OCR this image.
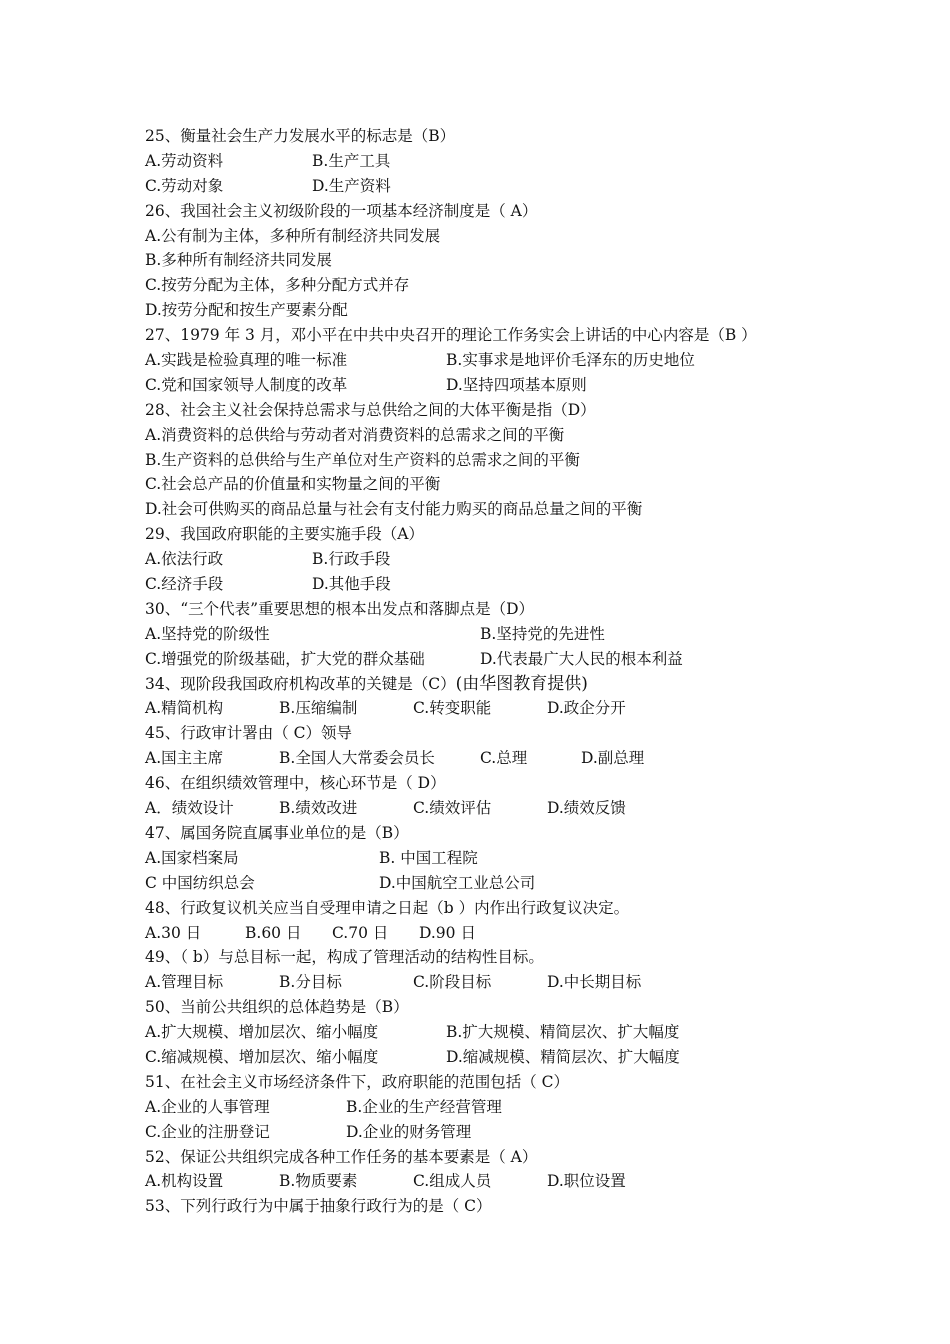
25、衡量社会生产力发展水平的标志是（B）
A.劳动资料	B.生产工具
C.劳动对象	D.生产资料
26、我国社会主义初级阶段的一项基本经济制度是（ A）
A.公有制为主体，多种所有制经济共同发展
B.多种所有制经济共同发展
C.按劳分配为主体，多种分配方式并存
D.按劳分配和按生产要素分配
27、1979 年 3 月，邓小平在中共中央召开的理论工作务实会上讲话的中心内容是（B ）
A.实践是检验真理的唯一标准	B.实事求是地评价毛泽东的历史地位
C.党和国家领导人制度的改革	D.坚持四项基本原则
28、社会主义社会保持总需求与总供给之间的大体平衡是指（D）
A.消费资料的总供给与劳动者对消费资料的总需求之间的平衡
B.生产资料的总供给与生产单位对生产资料的总需求之间的平衡
C.社会总产品的价值量和实物量之间的平衡
D.社会可供购买的商品总量与社会有支付能力购买的商品总量之间的平衡
29、我国政府职能的主要实施手段（A）
A.依法行政	B.行政手段
C.经济手段	D.其他手段
30、“三个代表”重要思想的根本出发点和落脚点是（D）
A.坚持党的阶级性	B.坚持党的先进性
C.增强党的阶级基础，扩大党的群众基础	D.代表最广大人民的根本利益
34、现阶段我国政府机构改革的关键是（C）(由华图教育提供)
A.精简机构	B.压缩编制	C.转变职能	D.政企分开
45、行政审计署由（ C）领导
A.国主主席	B.全国人大常委会员长	C.总理	D.副总理
46、在组织绩效管理中，核心环节是（ D）
A．绩效设计	B.绩效改进	C.绩效评估	D.绩效反馈
47、属国务院直属事业单位的是（B）
A.国家档案局	B. 中国工程院
C 中国纺织总会	D.中国航空工业总公司
48、行政复议机关应当自受理申请之日起（b ）内作出行政复议决定。
A.30 日	B.60 日 C.70 日 D.90 日
49、（ b）与总目标一起，构成了管理活动的结构性目标。
A.管理目标	B.分目标	C.阶段目标	D.中长期目标
50、当前公共组织的总体趋势是（B）
A.扩大规模、增加层次、缩小幅度	B.扩大规模、精简层次、扩大幅度
C.缩减规模、增加层次、缩小幅度	D.缩减规模、精简层次、扩大幅度
51、在社会主义市场经济条件下，政府职能的范围包括（ C）
A.企业的人事管理	B.企业的生产经营管理
C.企业的注册登记	D.企业的财务管理
52、保证公共组织完成各种工作任务的基本要素是（ A）
A.机构设置	B.物质要素	C.组成人员	D.职位设置
53、下列行政行为中属于抽象行政行为的是（ C）
